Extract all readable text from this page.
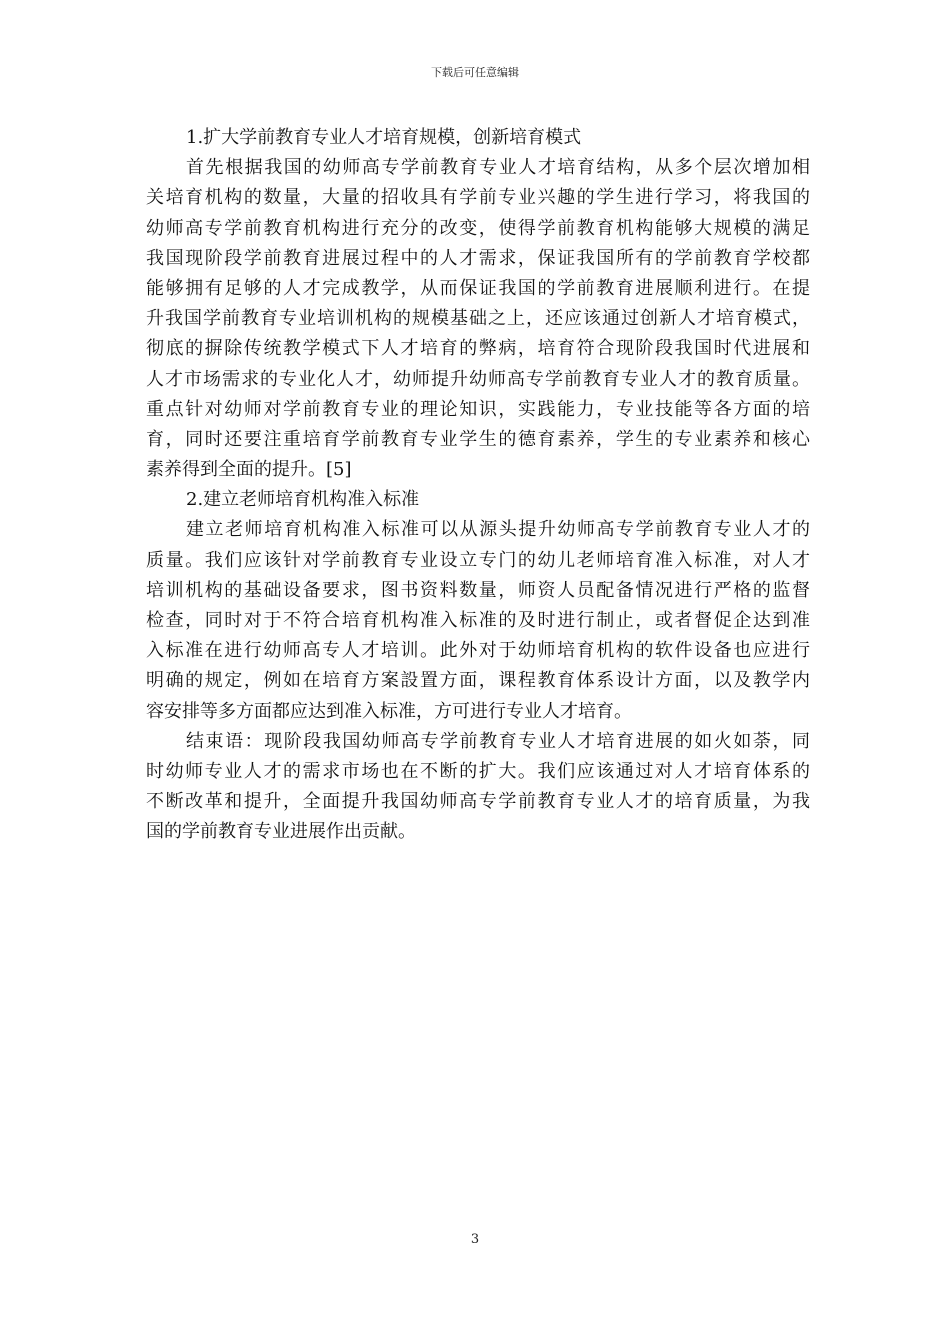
下载后可任意编辑
1.扩大学前教育专业人才培育规模，创新培育模式
首先根据我国的幼师高专学前教育专业人才培育结构，从多个层次增加相
关培育机构的数量，大量的招收具有学前专业兴趣的学生进行学习，将我国的
幼师高专学前教育机构进行充分的改变，使得学前教育机构能够大规模的满足
我国现阶段学前教育进展过程中的人才需求，保证我国所有的学前教育学校都
能够拥有足够的人才完成教学，从而保证我国的学前教育进展顺利进行。在提
升我国学前教育专业培训机构的规模基础之上，还应该通过创新人才培育模式，
彻底的摒除传统教学模式下人才培育的弊病，培育符合现阶段我国时代进展和
人才市场需求的专业化人才，幼师提升幼师高专学前教育专业人才的教育质量。
重点针对幼师对学前教育专业的理论知识，实践能力，专业技能等各方面的培
育，同时还要注重培育学前教育专业学生的德育素养，学生的专业素养和核心
素养得到全面的提升。[5]
2.建立老师培育机构准入标准
建立老师培育机构准入标准可以从源头提升幼师高专学前教育专业人才的
质量。我们应该针对学前教育专业设立专门的幼儿老师培育准入标准，对人才
培训机构的基础设备要求，图书资料数量，师资人员配备情况进行严格的监督
检查，同时对于不符合培育机构准入标准的及时进行制止，或者督促企达到准
入标准在进行幼师高专人才培训。此外对于幼师培育机构的软件设备也应进行
明确的规定，例如在培育方案設置方面，课程教育体系设计方面，以及教学内
容安排等多方面都应达到准入标准，方可进行专业人才培育。
结束语：现阶段我国幼师高专学前教育专业人才培育进展的如火如荼，同
时幼师专业人才的需求市场也在不断的扩大。我们应该通过对人才培育体系的
不断改革和提升，全面提升我国幼师高专学前教育专业人才的培育质量，为我
国的学前教育专业进展作出贡献。
3
